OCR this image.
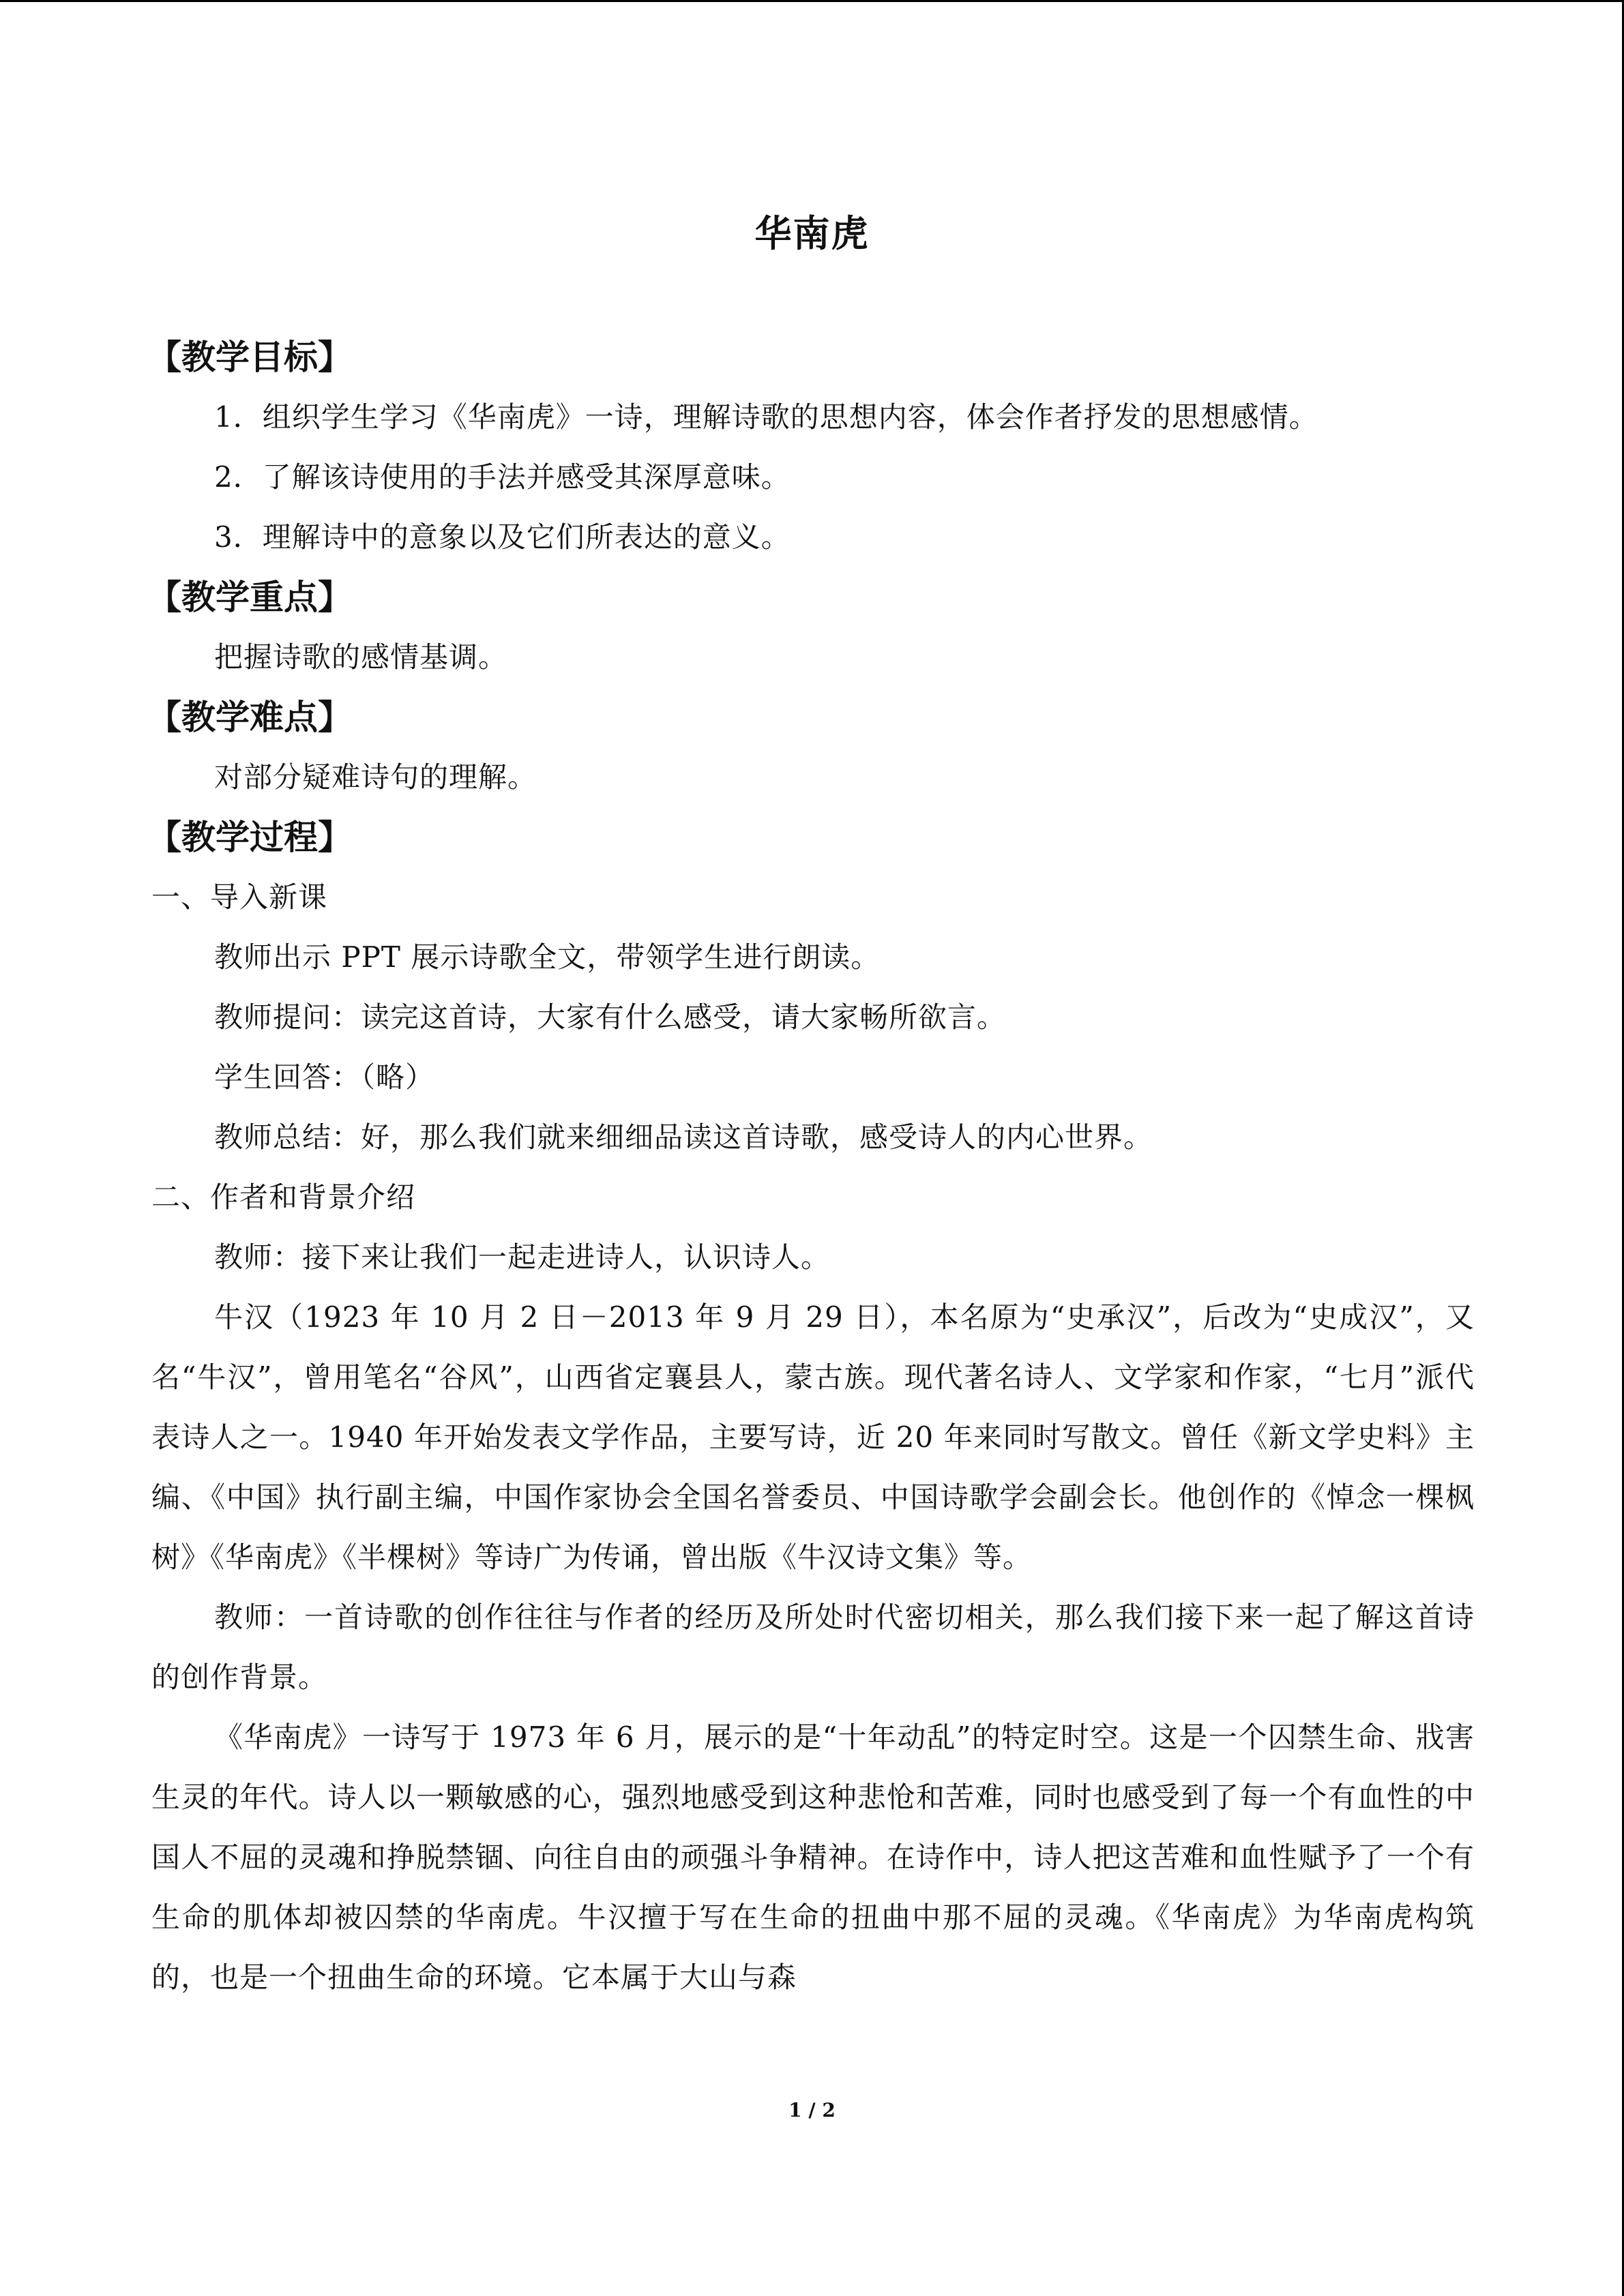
华南虎
【教学目标】
1．组织学生学习《华南虎》一诗，理解诗歌的思想内容，体会作者抒发的思想感情。
2．了解该诗使用的手法并感受其深厚意味。
3．理解诗中的意象以及它们所表达的意义。
【教学重点】
把握诗歌的感情基调。
【教学难点】
对部分疑难诗句的理解。
【教学过程】
一、导入新课
教师出示 PPT 展示诗歌全文，带领学生进行朗读。
教师提问：读完这首诗，大家有什么感受，请大家畅所欲言。
学生回答：（略）
教师总结：好，那么我们就来细细品读这首诗歌，感受诗人的内心世界。
二、作者和背景介绍
教师：接下来让我们一起走进诗人，认识诗人。

牛汉（1923 年 10 月 2 日－2013 年 9 月 29 日），本名原为“史承汉”，后改为“史成汉”，又名“牛汉”，曾用笔名“谷风”，山西省定襄县人，蒙古族。现代著名诗人、文学家和作家，“七月”派代表诗人之一。1940 年开始发表文学作品，主要写诗，近 20 年来同时写散文。曾任《新文学史料》主编、《中国》执行副主编，中国作家协会全国名誉委员、中国诗歌学会副会长。他创作的《悼念一棵枫树》《华南虎》《半棵树》等诗广为传诵，曾出版《牛汉诗文集》等。

教师：一首诗歌的创作往往与作者的经历及所处时代密切相关，那么我们接下来一起了解这首诗的创作背景。

《华南虎》一诗写于 1973 年 6 月，展示的是“十年动乱”的特定时空。这是一个囚禁生命、戕害生灵的年代。诗人以一颗敏感的心，强烈地感受到这种悲怆和苦难，同时也感受到了每一个有血性的中国人不屈的灵魂和挣脱禁锢、向往自由的顽强斗争精神。在诗作中，诗人把这苦难和血性赋予了一个有生命的肌体却被囚禁的华南虎。牛汉擅于写在生命的扭曲中那不屈的灵魂。《华南虎》为华南虎构筑的，也是一个扭曲生命的环境。它本属于大山与森

1 / 2
